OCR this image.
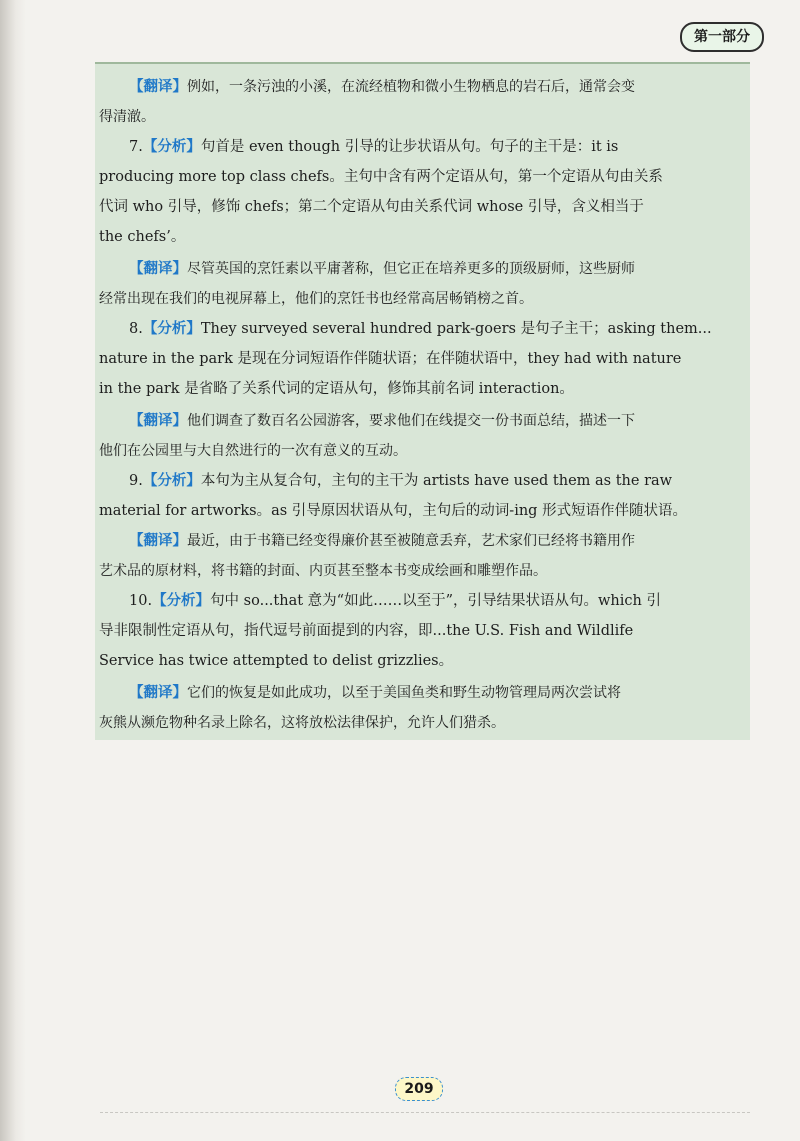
第一部分
【翻译】例如，一条污浊的小溪，在流经植物和微小生物栖息的岩石后，通常会变
得清澈。
7.【分析】句首是 even though 引导的让步状语从句。句子的主干是：it is
producing more top class chefs。主句中含有两个定语从句，第一个定语从句由关系
代词 who 引导，修饰 chefs；第二个定语从句由关系代词 whose 引导，含义相当于
the chefs’。
【翻译】尽管英国的烹饪素以平庸著称，但它正在培养更多的顶级厨师，这些厨师
经常出现在我们的电视屏幕上，他们的烹饪书也经常高居畅销榜之首。
8.【分析】They surveyed several hundred park-goers 是句子主干；asking them...
nature in the park 是现在分词短语作伴随状语；在伴随状语中，they had with nature
in the park 是省略了关系代词的定语从句，修饰其前名词 interaction。
【翻译】他们调查了数百名公园游客，要求他们在线提交一份书面总结，描述一下
他们在公园里与大自然进行的一次有意义的互动。
9.【分析】本句为主从复合句，主句的主干为 artists have used them as the raw
material for artworks。as 引导原因状语从句，主句后的动词-ing 形式短语作伴随状语。
【翻译】最近，由于书籍已经变得廉价甚至被随意丢弃，艺术家们已经将书籍用作
艺术品的原材料，将书籍的封面、内页甚至整本书变成绘画和雕塑作品。
10.【分析】句中 so...that 意为“如此……以至于”，引导结果状语从句。which 引
导非限制性定语从句，指代逗号前面提到的内容，即...the U.S. Fish and Wildlife
Service has twice attempted to delist grizzlies。
【翻译】它们的恢复是如此成功，以至于美国鱼类和野生动物管理局两次尝试将
灰熊从濒危物种名录上除名，这将放松法律保护，允许人们猎杀。
209
